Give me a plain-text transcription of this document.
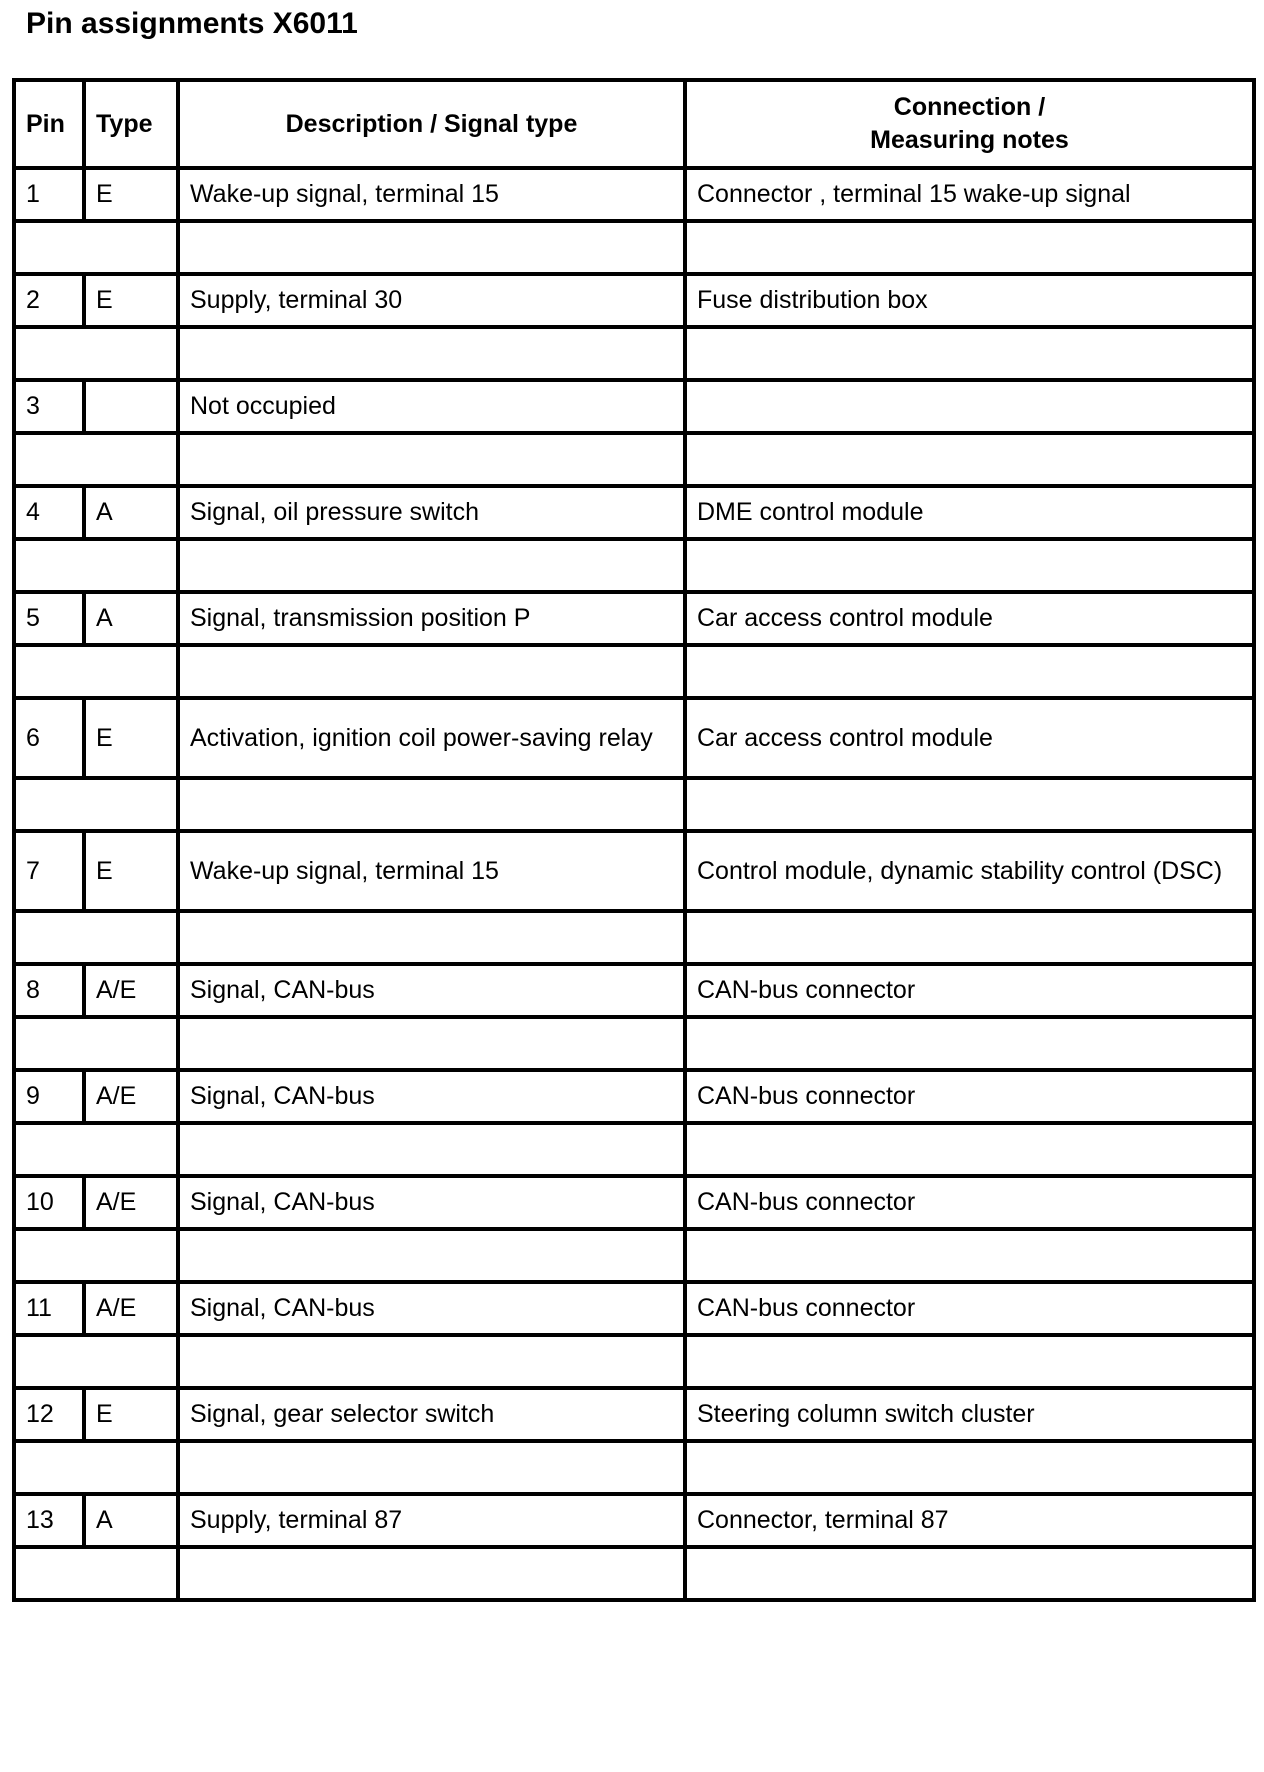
Pin assignments X6011
Pin	Type	Description / Signal type	Connection /
Measuring notes

1	E	Wake-up signal, terminal 15	Connector , terminal 15 wake-up signal

2	E	Supply, terminal 30	Fuse distribution box

3		Not occupied	

4	A	Signal, oil pressure switch	DME control module

5	A	Signal, transmission position P	Car access control module

6	E	Activation, ignition coil power-saving relay	Car access control module

7	E	Wake-up signal, terminal 15	Control module, dynamic stability control (DSC)

8	A/E	Signal, CAN-bus	CAN-bus connector

9	A/E	Signal, CAN-bus	CAN-bus connector

10	A/E	Signal, CAN-bus	CAN-bus connector

11	A/E	Signal, CAN-bus	CAN-bus connector

12	E	Signal, gear selector switch	Steering column switch cluster

13	A	Supply, terminal 87	Connector, terminal 87
